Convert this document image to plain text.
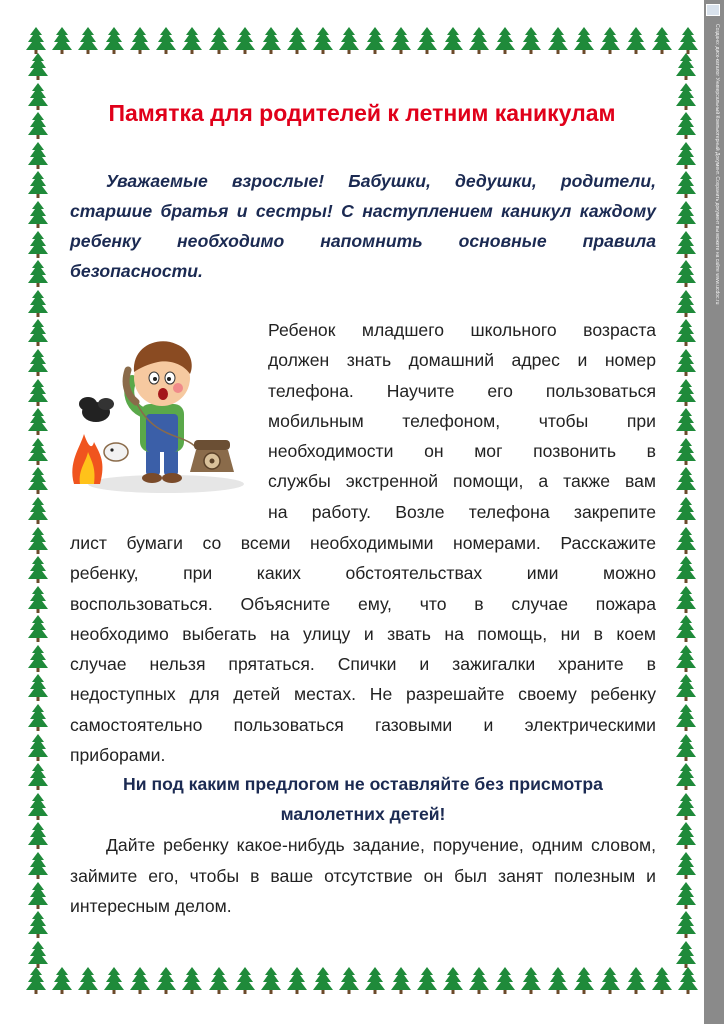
Памятка для родителей к летним каникулам

Уважаемые взрослые! Бабушки, дедушки, родители, старшие братья и сестры! С наступлением каникул каждому ребенку необходимо напомнить основные правила безопасности.

Ребенок младшего школьного возраста
должен знать домашний адрес и номер
телефона. Научите его пользоваться
мобильным телефоном, чтобы при
необходимости он мог позвонить в
службы экстренной помощи, а также вам
на работу. Возле телефона закрепите
лист бумаги со всеми необходимыми номерами. Расскажите
ребенку, при каких обстоятельствах ими можно
воспользоваться. Объясните ему, что в случае пожара
необходимо выбегать на улицу и звать на помощь, ни в коем
случае нельзя прятаться. Спички и зажигалки храните в
недоступных для детей местах. Не разрешайте своему ребенку
самостоятельно пользоваться газовыми и электрическими
приборами.
Ни под каким предлогом не оставляйте без присмотра
малолетних детей!

Дайте ребенку какое-нибудь задание, поручение, одним словом, займите его, чтобы в ваше отсутствие он был занят полезным и интересным делом.

Создано: диск-каталог Универсальный Компьютерный Документ. Сохранить документ вы можете на сайте www.ucdoc.ru
